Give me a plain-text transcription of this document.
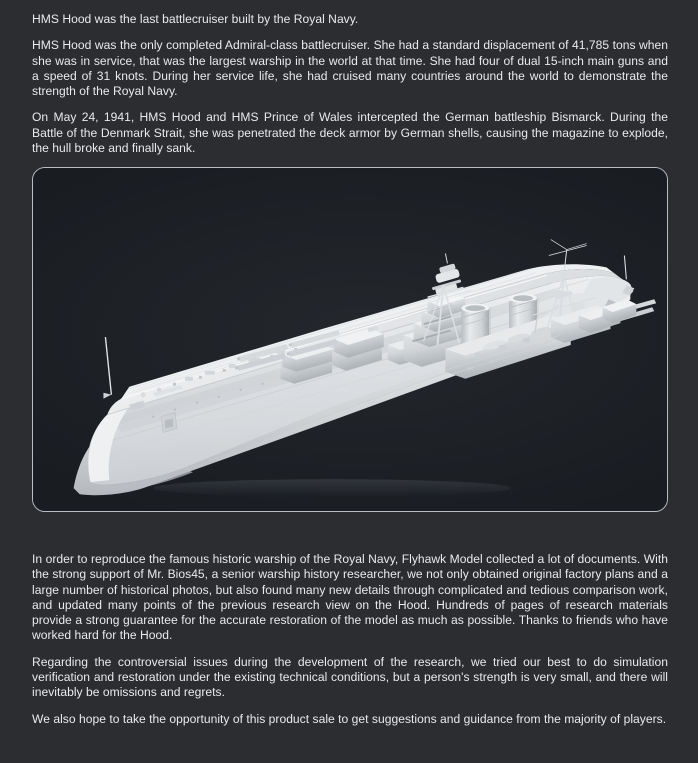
HMS Hood was the last battlecruiser built by the Royal Navy.

HMS Hood was the only completed Admiral-class battlecruiser. She had a standard displacement of 41,785 tons when she was in service, that was the largest warship in the world at that time. She had four of dual 15-inch main guns and a speed of 31 knots. During her service life, she had cruised many countries around the world to demonstrate the strength of the Royal Navy.

On May 24, 1941, HMS Hood and HMS Prince of Wales intercepted the German battleship Bismarck. During the Battle of the Denmark Strait, she was penetrated the deck armor by German shells, causing the magazine to explode, the hull broke and finally sank.

In order to reproduce the famous historic warship of the Royal Navy, Flyhawk Model collected a lot of documents. With the strong support of Mr. Bios45, a senior warship history researcher, we not only obtained original factory plans and a large number of historical photos, but also found many new details through complicated and tedious comparison work, and updated many points of the previous research view on the Hood. Hundreds of pages of research materials provide a strong guarantee for the accurate restoration of the model as much as possible. Thanks to friends who have worked hard for the Hood.

Regarding the controversial issues during the development of the research, we tried our best to do simulation verification and restoration under the existing technical conditions, but a person's strength is very small, and there will inevitably be omissions and regrets.

We also hope to take the opportunity of this product sale to get suggestions and guidance from the majority of players.
